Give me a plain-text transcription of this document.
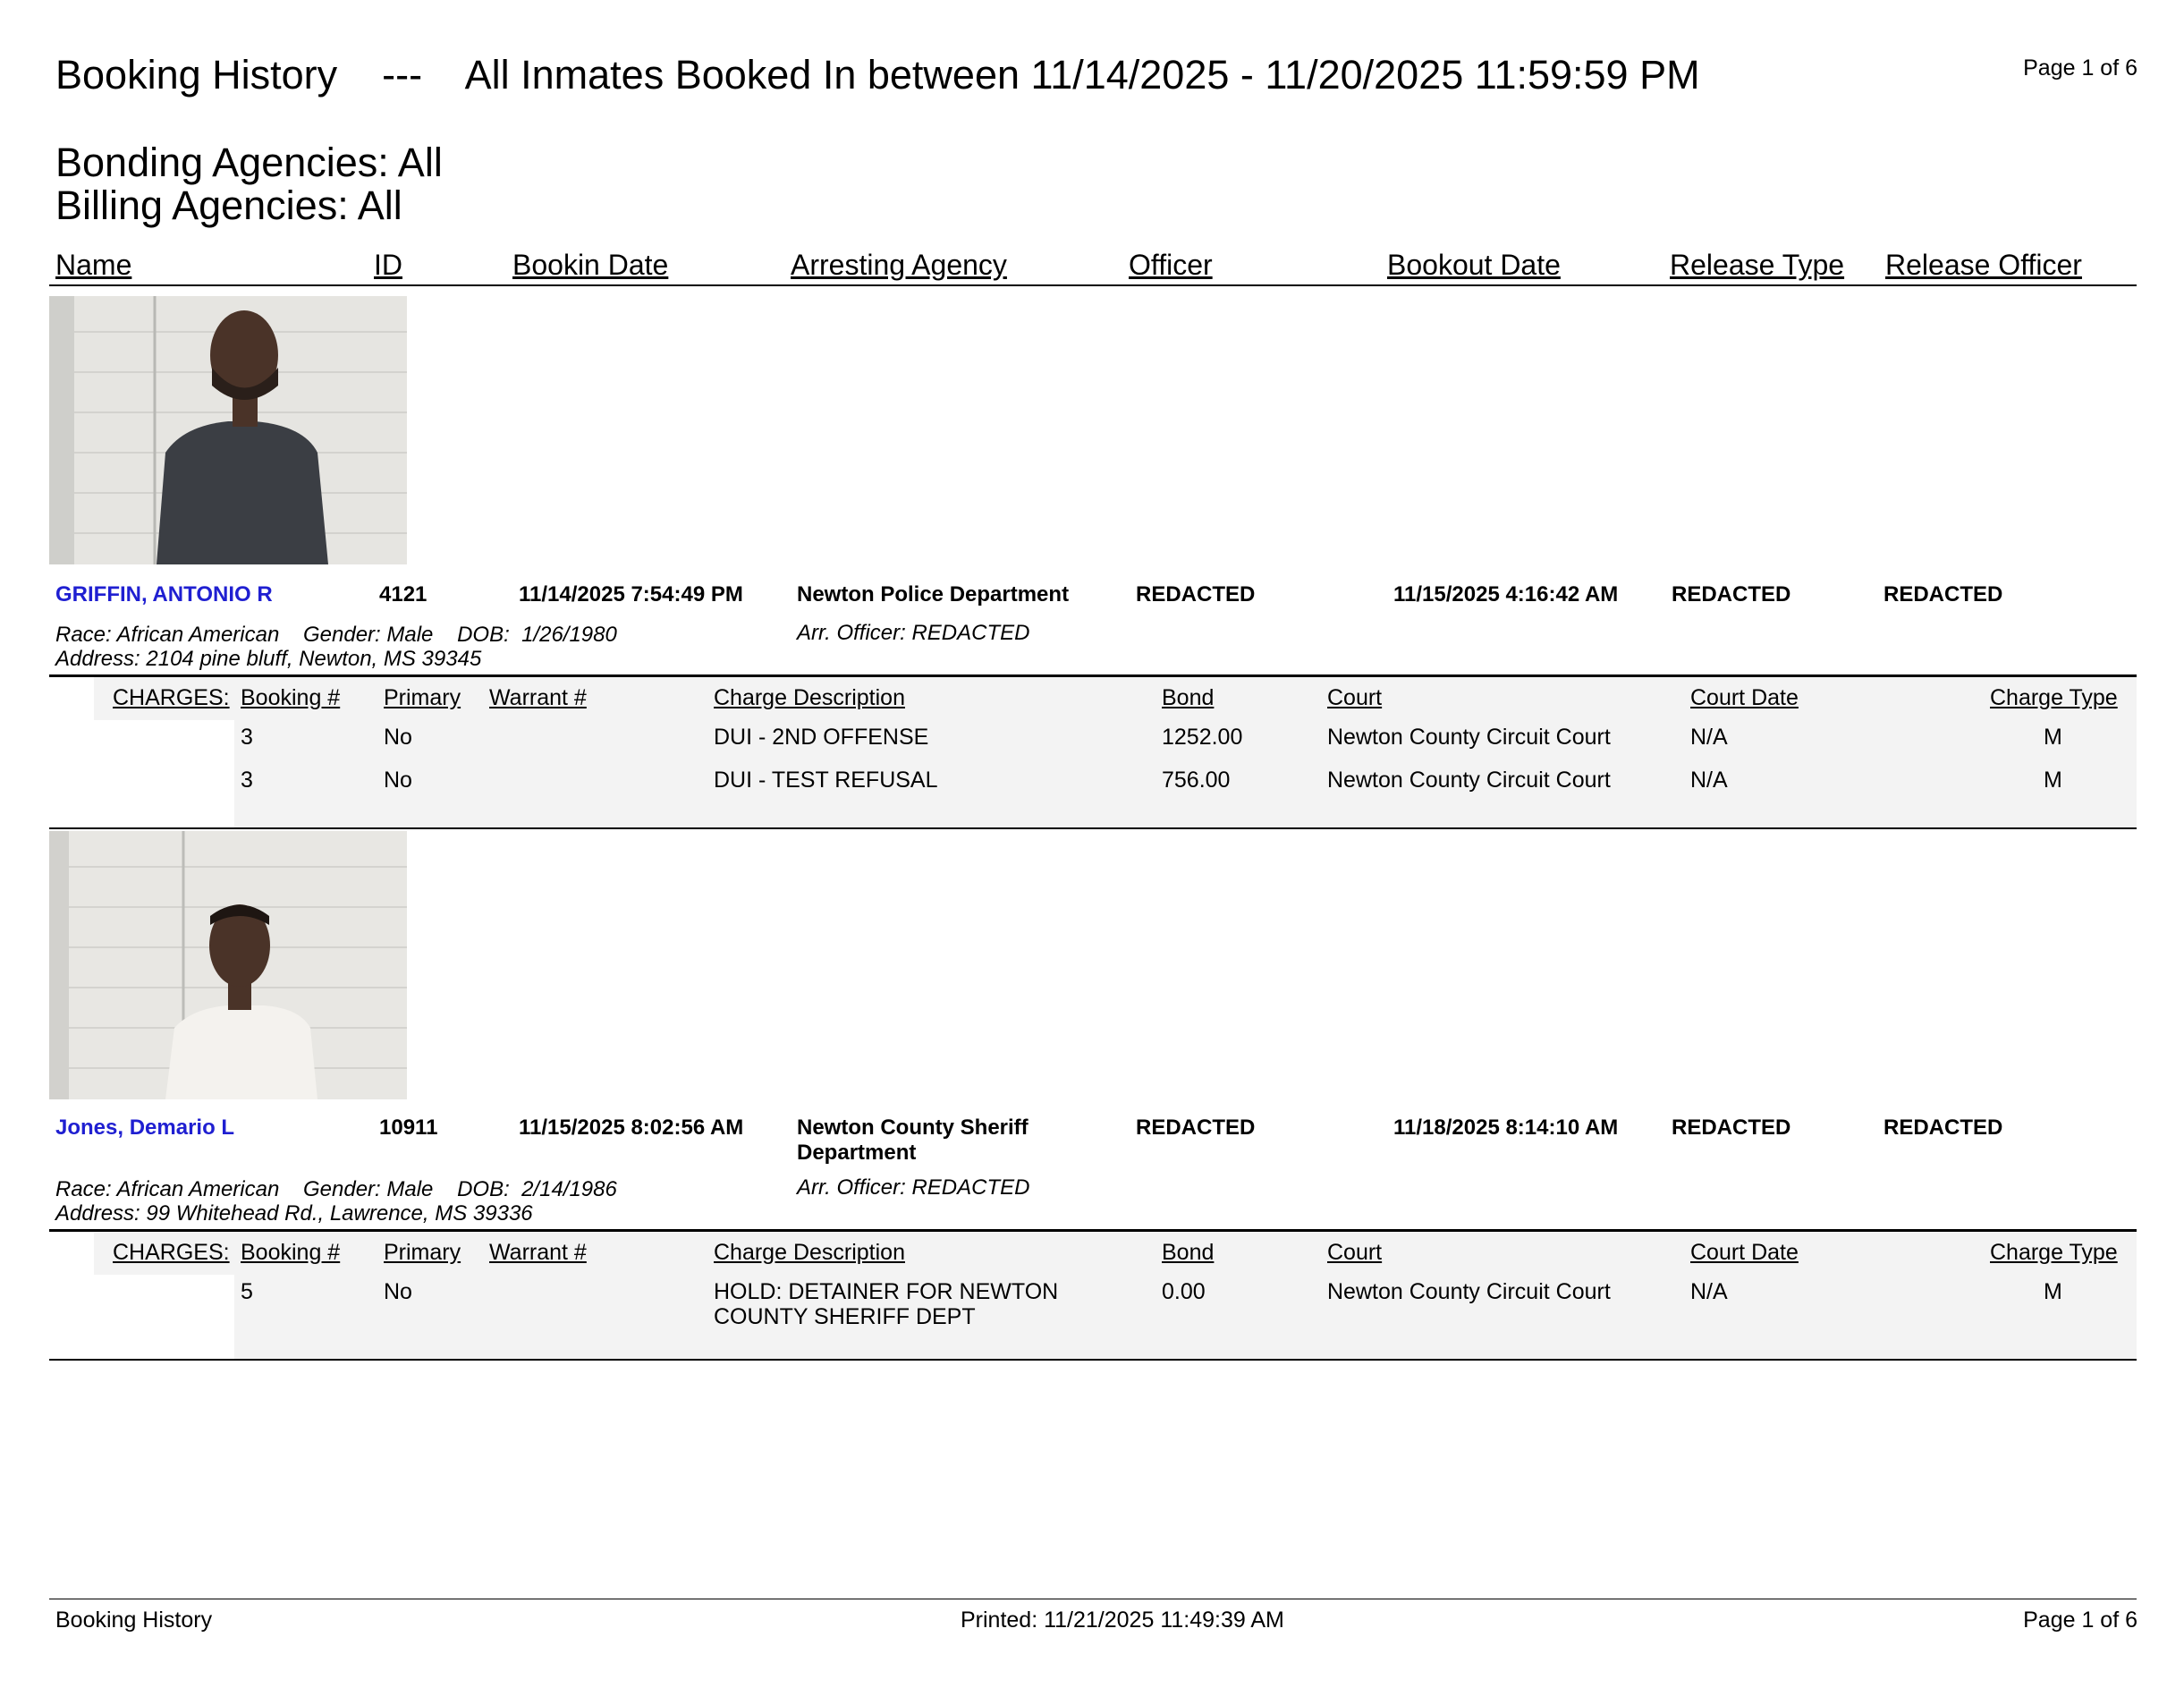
Booking History    ---    All Inmates Booked In between 11/14/2025 - 11/20/2025 11:59:59 PM	Page 1 of 6
Bonding Agencies: All
Billing Agencies: All
Name	ID	Bookin Date	Arresting Agency	Officer	Bookout Date	Release Type Release Officer
GRIFFIN, ANTONIO R	4121	11/14/2025 7:54:49 PM	Newton Police Department	REDACTED	11/15/2025 4:16:42 AM REDACTED	REDACTED
Race: African American    Gender: Male    DOB:  1/26/1980
Address: 2104 pine bluff, Newton, MS 39345
Arr. Officer: REDACTED
CHARGES: Booking # Primary Warrant #	Charge Description	Bond	Court	Court Date	Charge Type
3	No	DUI - 2ND OFFENSE	1252.00	Newton County Circuit Court	N/A	M
3	No	DUI - TEST REFUSAL	756.00	Newton County Circuit Court	N/A	M
Jones, Demario L	10911	11/15/2025 8:02:56 AM Newton County Sheriff
Department
REDACTED	11/18/2025 8:14:10 AM REDACTED	REDACTED
Race: African American    Gender: Male    DOB:  2/14/1986
Address: 99 Whitehead Rd., Lawrence, MS 39336
Arr. Officer: REDACTED
CHARGES: Booking # Primary Warrant #	Charge Description	Bond	Court	Court Date	Charge Type
5	No	HOLD: DETAINER FOR NEWTON
COUNTY SHERIFF DEPT
0.00	Newton County Circuit Court	N/A	M
Booking History	Printed: 11/21/2025 11:49:39 AM	Page 1 of 6
